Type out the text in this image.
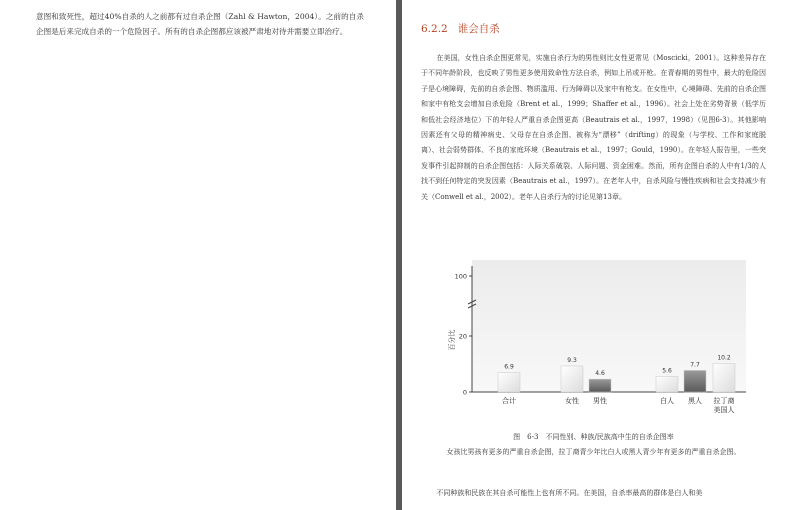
意图和致死性，超过40%自杀的人之前都有过自杀企图（Zahl & Hawton，2004）。之前的自杀企图是后来完成自杀的一个危险因子。所有的自杀企图都应该被严肃地对待并需要立即治疗。	6.2.2 谁会自杀

在美国，女性自杀企图更常见，实施自杀行为的男性则比女性更常见（Moscicki，2001）。这种差异存在于不同年龄阶段，也反映了男性更多使用致命性方法自杀，例如上吊或开枪。在青春期的男性中，最大的危险因子是心境障碍，先前的自杀企图、物质滥用、行为障碍以及家中有枪支。在女性中，心境障碍、先前的自杀企图和家中有枪支会增加自杀危险（Brent et al.，1999；Shaffer et al.，1996）。社会上处在劣势背景（低学历和低社会经济地位）下的年轻人严重自杀企图更高（Beautrais et al.，1997，1998）（见图6-3）。其他影响因素还有父母的精神病史、父母存在自杀企图、被称为“漂移”（drifting）的现象（与学校、工作和家庭脱离）、社会弱势群体、不良的家庭环境（Beautrais et al.，1997；Gould，1990）。在年轻人报告里，一些突发事件引起抑制的自杀企图包括：人际关系破裂、人际问题、资金困难。然而，所有企图自杀的人中有1/3的人找不到任何特定的突发因素（Beautrais et al.，1997）。在老年人中，自杀风险与慢性疾病和社会支持减少有关（Conwell et al.，2002）。老年人自杀行为的讨论见第13章。

百分比
0
20
100
6.9
9.3
4.6	5.6
7.7
10.2
合计	女性 男性	白人 黑人 拉丁裔美国人
图　6-3　不同性别、种族/民族高中生的自杀企图率
女孩比男孩有更多的严重自杀企图，拉丁裔青少年比白人或黑人青少年有更多的严重自杀企图。

不同种族和民族在其自杀可能性上也有所不同。在美国，自杀率最高的群体是白人和美
